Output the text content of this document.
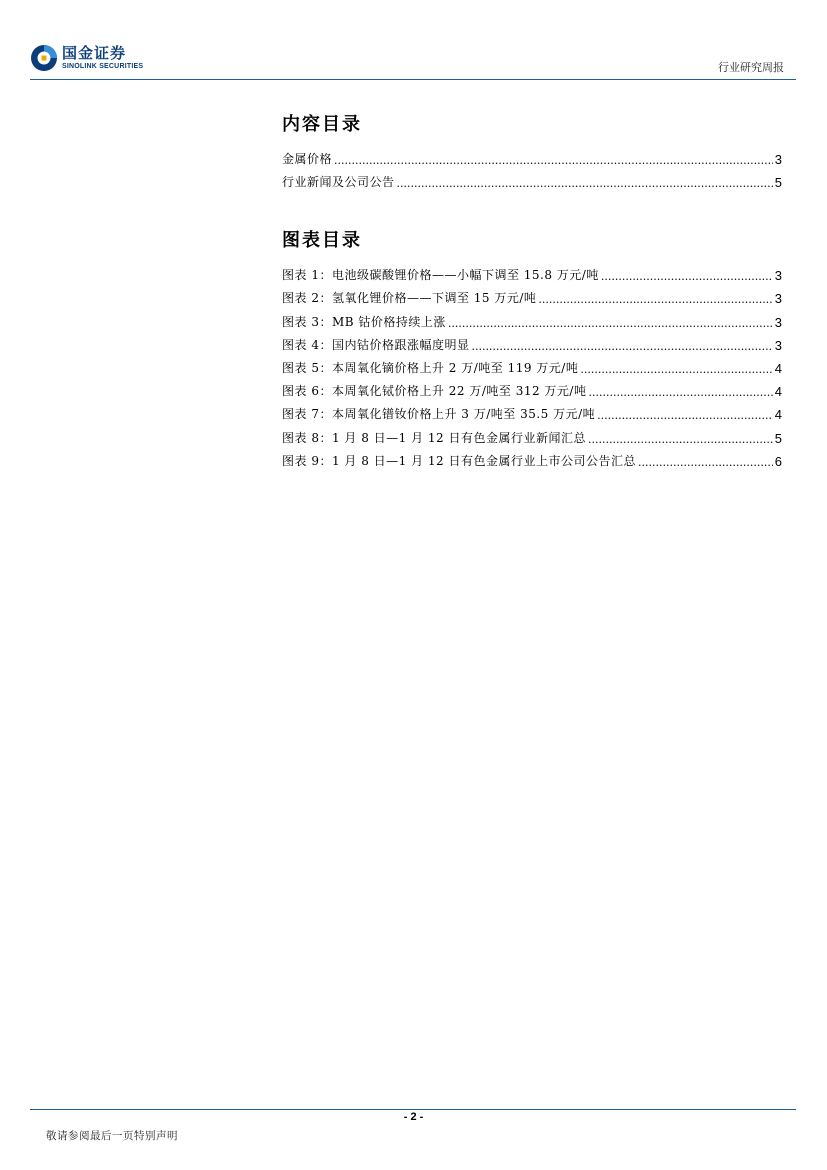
国金证券
SINOLINK SECURITIES	行业研究周报
内容目录
金属价格 .....	3
行业新闻及公司公告 .....	5
图表目录
图表 1：电池级碳酸锂价格——小幅下调至 15.8 万元/吨 .....	3
图表 2：氢氧化锂价格——下调至 15 万元/吨 .....	3
图表 3：MB 钴价格持续上涨 .....	3
图表 4：国内钴价格跟涨幅度明显 .....	3
图表 5：本周氧化镝价格上升 2 万/吨至 119 万元/吨 .....	4
图表 6：本周氧化铽价格上升 22 万/吨至 312 万元/吨 .....	4
图表 7：本周氧化镨钕价格上升 3 万/吨至 35.5 万元/吨 .....	4
图表 8：1 月 8 日—1 月 12 日有色金属行业新闻汇总 .....	5
图表 9：1 月 8 日—1 月 12 日有色金属行业上市公司公告汇总 .....	6
- 2 -
敬请参阅最后一页特别声明
